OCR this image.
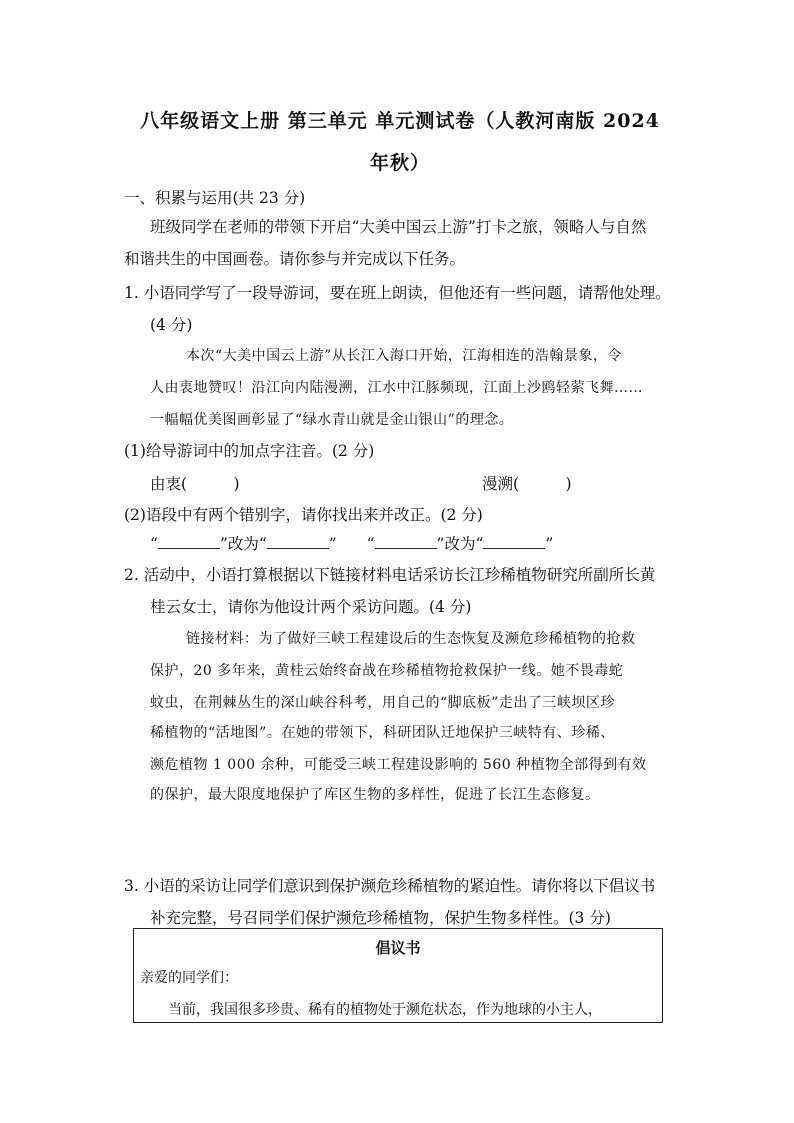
八年级语文上册 第三单元 单元测试卷（人教河南版 2024
年秋）
一、积累与运用(共 23 分)
班级同学在老师的带领下开启“大美中国云上游”打卡之旅，领略人与自然
和谐共生的中国画卷。请你参与并完成以下任务。
1. 小语同学写了一段导游词，要在班上朗读，但他还有一些问题，请帮他处理。
(4 分)
本次“大美中国云上游”从长江入海口开始，江海相连的浩翰景象，令
人由衷地赞叹！沿江向内陆漫溯，江水中江豚频现，江面上沙鸥轻萦飞舞……
一幅幅优美图画彰显了“绿水青山就是金山银山”的理念。
(1)给导游词中的加点字注音。(2 分)
由衷(　　　)	漫溯(　　　)
(2)语段中有两个错别字，请你找出来并改正。(2 分)
“	”改为“	” “	”改为“	”
2. 活动中，小语打算根据以下链接材料电话采访长江珍稀植物研究所副所长黄
桂云女士，请你为他设计两个采访问题。(4 分)
链接材料：为了做好三峡工程建设后的生态恢复及濒危珍稀植物的抢救
保护，20 多年来，黄桂云始终奋战在珍稀植物抢救保护一线。她不畏毒蛇
蚊虫，在荆棘丛生的深山峡谷科考，用自己的“脚底板”走出了三峡坝区珍
稀植物的“活地图”。在她的带领下，科研团队迁地保护三峡特有、珍稀、
濒危植物 1 000 余种，可能受三峡工程建设影响的 560 种植物全部得到有效
的保护，最大限度地保护了库区生物的多样性，促进了长江生态修复。
3. 小语的采访让同学们意识到保护濒危珍稀植物的紧迫性。请你将以下倡议书
补充完整，号召同学们保护濒危珍稀植物，保护生物多样性。(3 分)
倡议书
亲爱的同学们：
当前，我国很多珍贵、稀有的植物处于濒危状态，作为地球的小主人，
